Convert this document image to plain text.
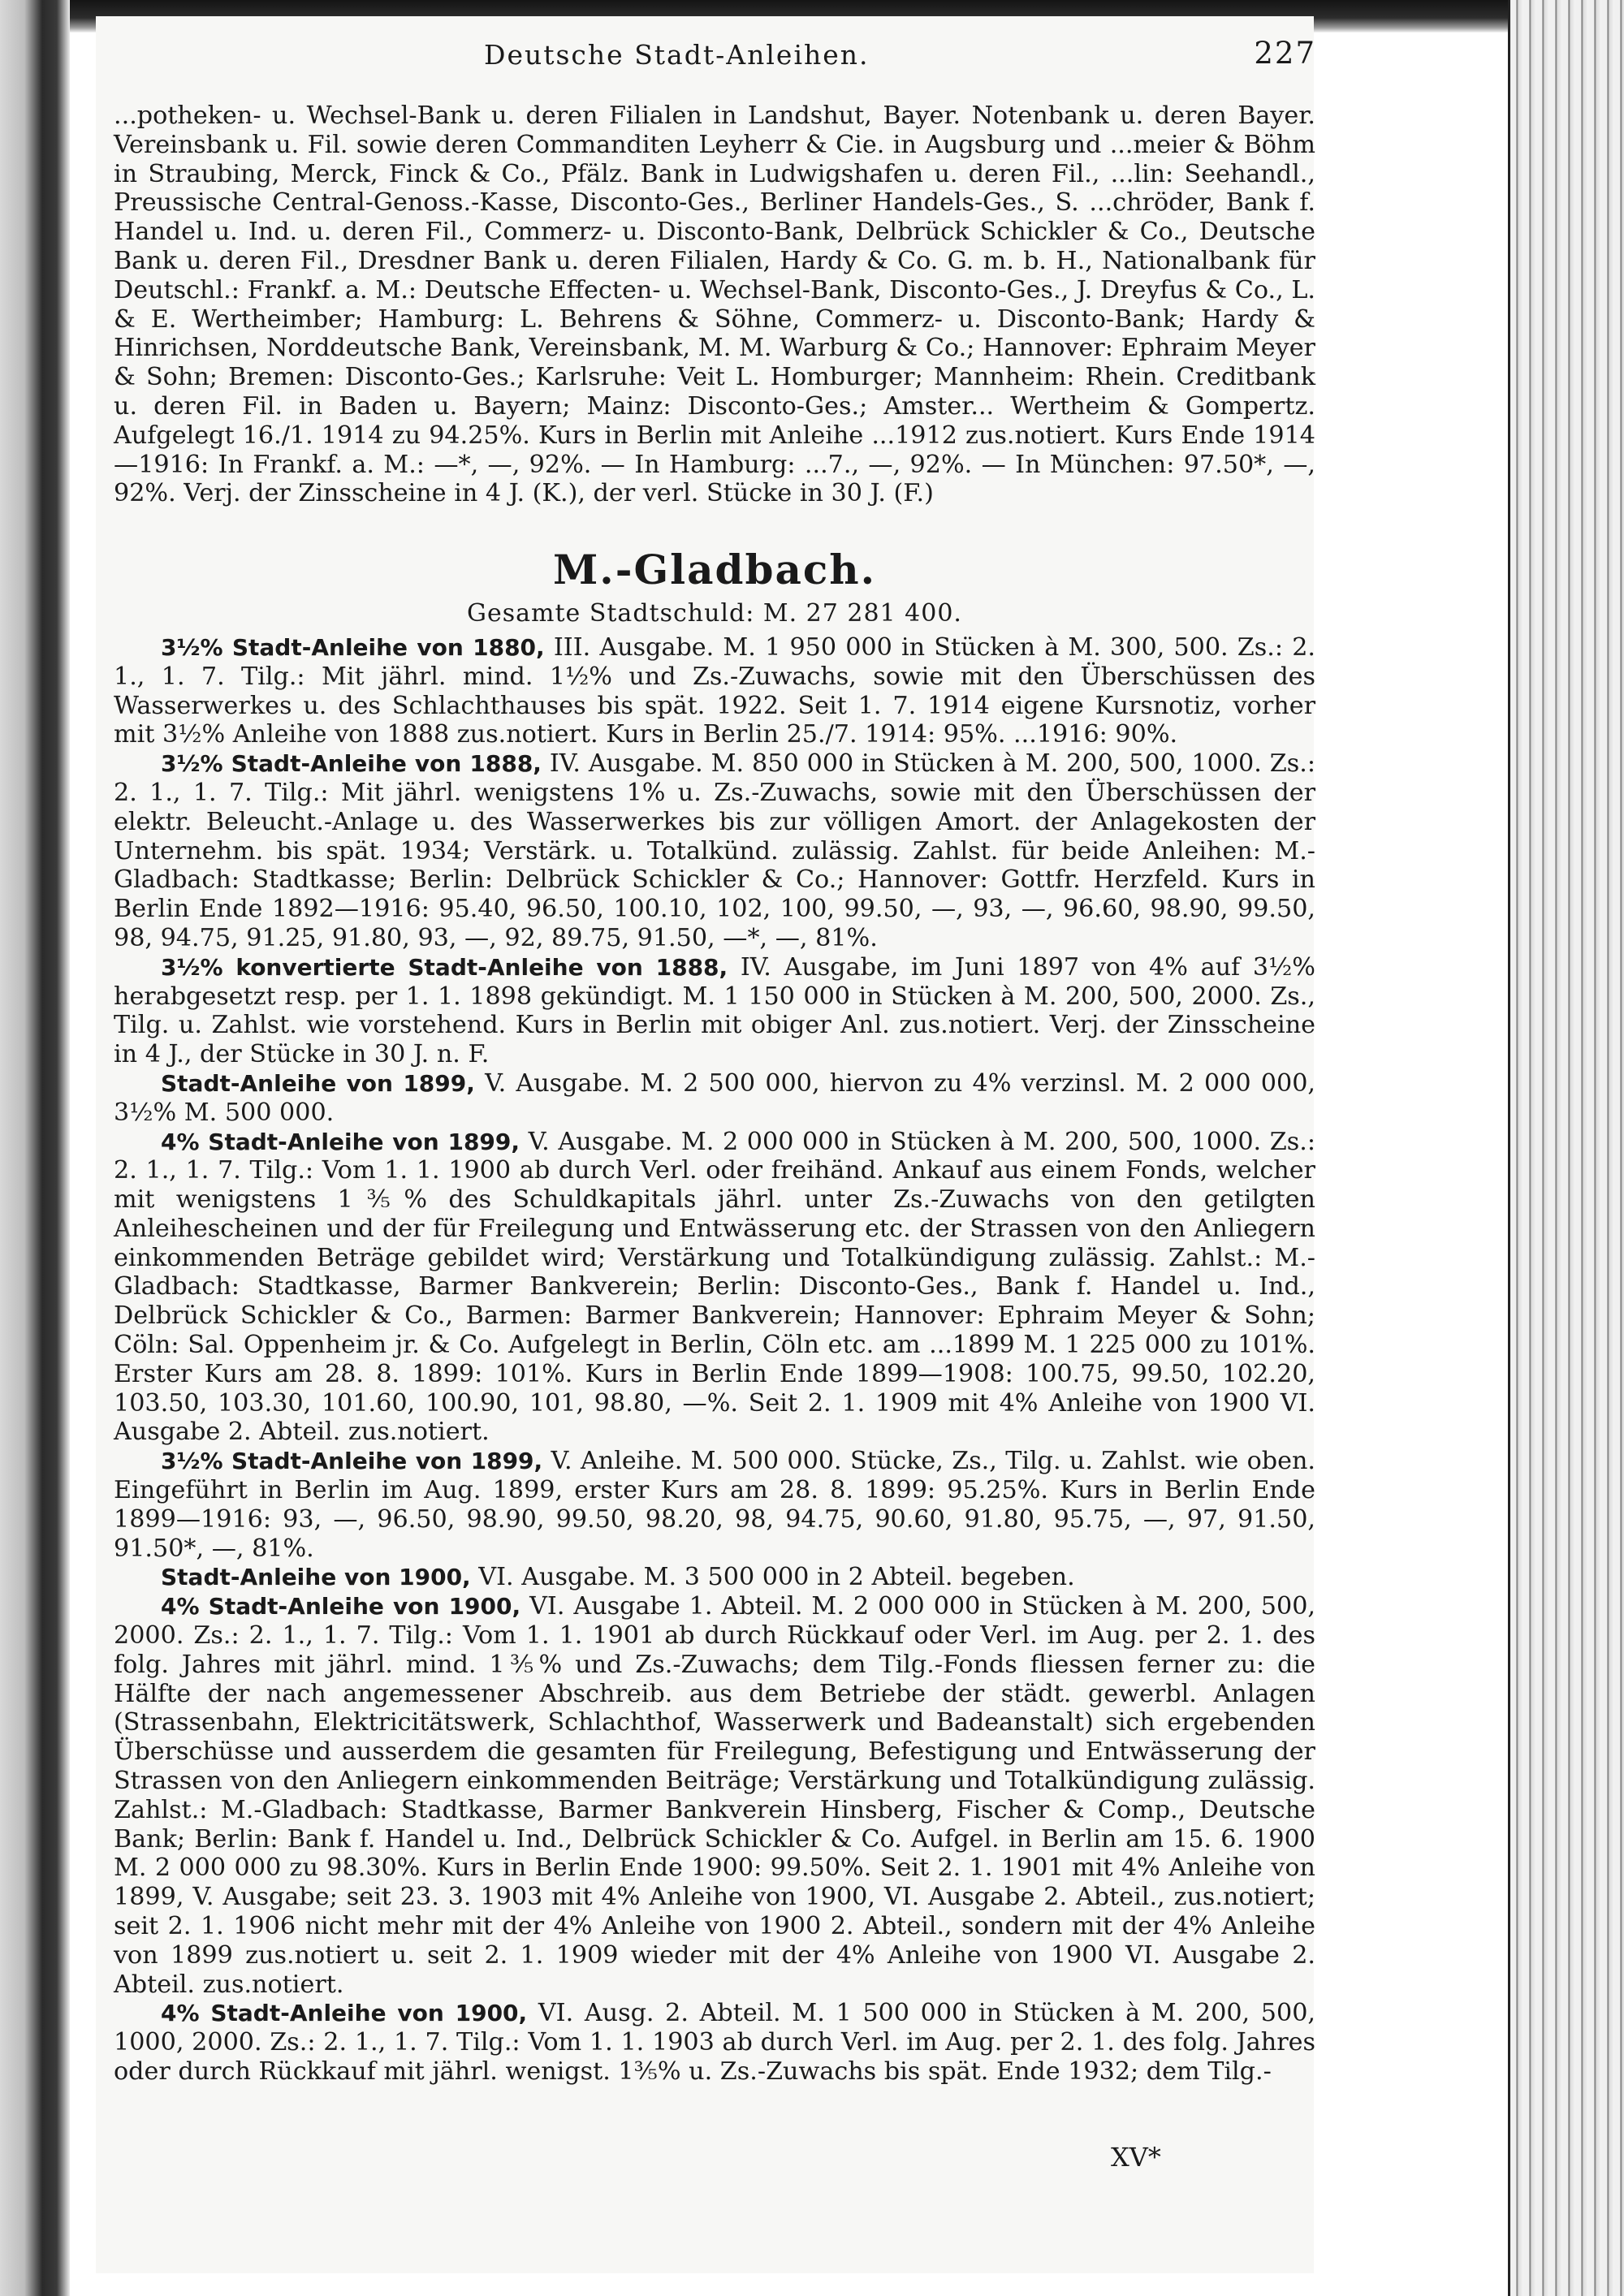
Deutsche Stadt-Anleihen.	227

...potheken- u. Wechsel-Bank u. deren Filialen in Landshut, Bayer. Notenbank u. deren Bayer. Vereinsbank u. Fil. sowie deren Commanditen Leyherr & Cie. in Augsburg und ...meier & Böhm in Straubing, Merck, Finck & Co., Pfälz. Bank in Ludwigshafen u. deren Fil., ...lin: Seehandl., Preussische Central-Genoss.-Kasse, Disconto-Ges., Berliner Handels-Ges., S. ...chröder, Bank f. Handel u. Ind. u. deren Fil., Commerz- u. Disconto-Bank, Delbrück Schickler & Co., Deutsche Bank u. deren Fil., Dresdner Bank u. deren Filialen, Hardy & Co. G. m. b. H., Nationalbank für Deutschl.: Frankf. a. M.: Deutsche Effecten- u. Wechsel-Bank, Disconto-Ges., J. Dreyfus & Co., L. & E. Wertheimber; Hamburg: L. Behrens & Söhne, Commerz- u. Disconto-Bank; Hardy & Hinrichsen, Norddeutsche Bank, Vereinsbank, M. M. Warburg & Co.; Hannover: Ephraim Meyer & Sohn; Bremen: Disconto-Ges.; Karlsruhe: Veit L. Homburger; Mannheim: Rhein. Creditbank u. deren Fil. in Baden u. Bayern; Mainz: Disconto-Ges.; Amster... Wertheim & Gompertz. Aufgelegt 16./1. 1914 zu 94.25%. Kurs in Berlin mit Anleihe ...1912 zus.notiert. Kurs Ende 1914—1916: In Frankf. a. M.: —*, —, 92%. — In Hamburg: ...7., —, 92%. — In München: 97.50*, —, 92%. Verj. der Zinsscheine in 4 J. (K.), der verl. Stücke in 30 J. (F.)

M.-Gladbach.
Gesamte Stadtschuld: M. 27 281 400.

3½% Stadt-Anleihe von 1880, III. Ausgabe. M. 1 950 000 in Stücken à M. 300, 500. Zs.: 2. 1., 1. 7. Tilg.: Mit jährl. mind. 1½% und Zs.-Zuwachs, sowie mit den Überschüssen des Wasserwerkes u. des Schlachthauses bis spät. 1922. Seit 1. 7. 1914 eigene Kursnotiz, vorher mit 3½% Anleihe von 1888 zus.notiert. Kurs in Berlin 25./7. 1914: 95%. ...1916: 90%.

3½% Stadt-Anleihe von 1888, IV. Ausgabe. M. 850 000 in Stücken à M. 200, 500, 1000. Zs.: 2. 1., 1. 7. Tilg.: Mit jährl. wenigstens 1% u. Zs.-Zuwachs, sowie mit den Überschüssen der elektr. Beleucht.-Anlage u. des Wasserwerkes bis zur völligen Amort. der Anlagekosten der Unternehm. bis spät. 1934; Verstärk. u. Totalkünd. zulässig. Zahlst. für beide Anleihen: M.-Gladbach: Stadtkasse; Berlin: Delbrück Schickler & Co.; Hannover: Gottfr. Herzfeld. Kurs in Berlin Ende 1892—1916: 95.40, 96.50, 100.10, 102, 100, 99.50, —, 93, —, 96.60, 98.90, 99.50, 98, 94.75, 91.25, 91.80, 93, —, 92, 89.75, 91.50, —*, —, 81%.

3½% konvertierte Stadt-Anleihe von 1888, IV. Ausgabe, im Juni 1897 von 4% auf 3½% herabgesetzt resp. per 1. 1. 1898 gekündigt. M. 1 150 000 in Stücken à M. 200, 500, 2000. Zs., Tilg. u. Zahlst. wie vorstehend. Kurs in Berlin mit obiger Anl. zus.notiert. Verj. der Zinsscheine in 4 J., der Stücke in 30 J. n. F.

Stadt-Anleihe von 1899, V. Ausgabe. M. 2 500 000, hiervon zu 4% verzinsl. M. 2 000 000, 3½% M. 500 000.

4% Stadt-Anleihe von 1899, V. Ausgabe. M. 2 000 000 in Stücken à M. 200, 500, 1000. Zs.: 2. 1., 1. 7. Tilg.: Vom 1. 1. 1900 ab durch Verl. oder freihänd. Ankauf aus einem Fonds, welcher mit wenigstens 1⅗% des Schuldkapitals jährl. unter Zs.-Zuwachs von den getilgten Anleihescheinen und der für Freilegung und Entwässerung etc. der Strassen von den Anliegern einkommenden Beträge gebildet wird; Verstärkung und Totalkündigung zulässig. Zahlst.: M.-Gladbach: Stadtkasse, Barmer Bankverein; Berlin: Disconto-Ges., Bank f. Handel u. Ind., Delbrück Schickler & Co., Barmen: Barmer Bankverein; Hannover: Ephraim Meyer & Sohn; Cöln: Sal. Oppenheim jr. & Co. Aufgelegt in Berlin, Cöln etc. am ...1899 M. 1 225 000 zu 101%. Erster Kurs am 28. 8. 1899: 101%. Kurs in Berlin Ende 1899—1908: 100.75, 99.50, 102.20, 103.50, 103.30, 101.60, 100.90, 101, 98.80, —%. Seit 2. 1. 1909 mit 4% Anleihe von 1900 VI. Ausgabe 2. Abteil. zus.notiert.

3½% Stadt-Anleihe von 1899, V. Anleihe. M. 500 000. Stücke, Zs., Tilg. u. Zahlst. wie oben. Eingeführt in Berlin im Aug. 1899, erster Kurs am 28. 8. 1899: 95.25%. Kurs in Berlin Ende 1899—1916: 93, —, 96.50, 98.90, 99.50, 98.20, 98, 94.75, 90.60, 91.80, 95.75, —, 97, 91.50, 91.50*, —, 81%.

Stadt-Anleihe von 1900, VI. Ausgabe. M. 3 500 000 in 2 Abteil. begeben.

4% Stadt-Anleihe von 1900, VI. Ausgabe 1. Abteil. M. 2 000 000 in Stücken à M. 200, 500, 2000. Zs.: 2. 1., 1. 7. Tilg.: Vom 1. 1. 1901 ab durch Rückkauf oder Verl. im Aug. per 2. 1. des folg. Jahres mit jährl. mind. 1⅗% und Zs.-Zuwachs; dem Tilg.-Fonds fliessen ferner zu: die Hälfte der nach angemessener Abschreib. aus dem Betriebe der städt. gewerbl. Anlagen (Strassenbahn, Elektricitätswerk, Schlachthof, Wasserwerk und Badeanstalt) sich ergebenden Überschüsse und ausserdem die gesamten für Freilegung, Befestigung und Entwässerung der Strassen von den Anliegern einkommenden Beiträge; Verstärkung und Totalkündigung zulässig. Zahlst.: M.-Gladbach: Stadtkasse, Barmer Bankverein Hinsberg, Fischer & Comp., Deutsche Bank; Berlin: Bank f. Handel u. Ind., Delbrück Schickler & Co. Aufgel. in Berlin am 15. 6. 1900 M. 2 000 000 zu 98.30%. Kurs in Berlin Ende 1900: 99.50%. Seit 2. 1. 1901 mit 4% Anleihe von 1899, V. Ausgabe; seit 23. 3. 1903 mit 4% Anleihe von 1900, VI. Ausgabe 2. Abteil., zus.notiert; seit 2. 1. 1906 nicht mehr mit der 4% Anleihe von 1900 2. Abteil., sondern mit der 4% Anleihe von 1899 zus.notiert u. seit 2. 1. 1909 wieder mit der 4% Anleihe von 1900 VI. Ausgabe 2. Abteil. zus.notiert.

4% Stadt-Anleihe von 1900, VI. Ausg. 2. Abteil. M. 1 500 000 in Stücken à M. 200, 500, 1000, 2000. Zs.: 2. 1., 1. 7. Tilg.: Vom 1. 1. 1903 ab durch Verl. im Aug. per 2. 1. des folg. Jahres oder durch Rückkauf mit jährl. wenigst. 1⅗% u. Zs.-Zuwachs bis spät. Ende 1932; dem Tilg.-

XV*
